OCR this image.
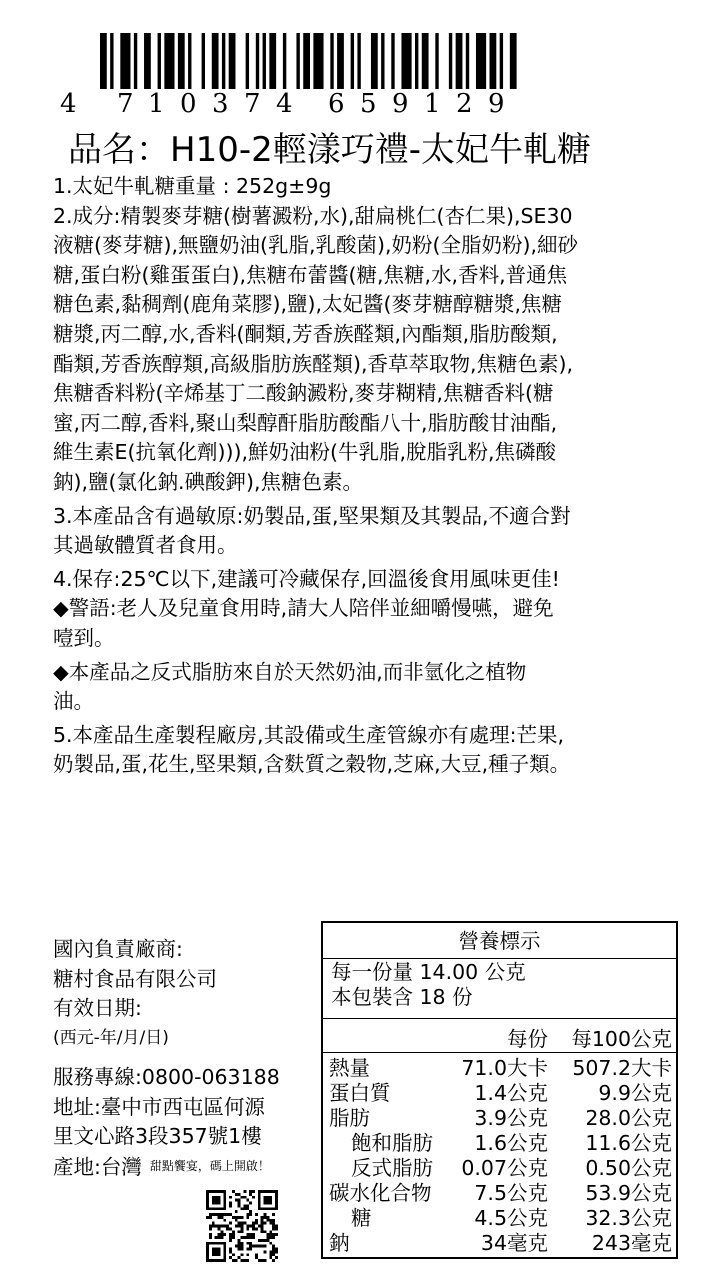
4 7 1 0 3 7 4 6 5 9 1 2 9
品名：H10-2輕漾巧禮-太妃牛軋糖

1.太妃牛軋糖重量 : 252g±9g

2.成分:精製麥芽糖(樹薯澱粉,水),甜扁桃仁(杏仁果),SE30

液糖(麥芽糖),無鹽奶油(乳脂,乳酸菌),奶粉(全脂奶粉),細砂

糖,蛋白粉(雞蛋蛋白),焦糖布蕾醬(糖,焦糖,水,香料,普通焦

糖色素,黏稠劑(鹿角菜膠),鹽),太妃醬(麥芽糖醇糖漿,焦糖

糖漿,丙二醇,水,香料(酮類,芳香族醛類,內酯類,脂肪酸類,

酯類,芳香族醇類,高級脂肪族醛類),香草萃取物,焦糖色素),

焦糖香料粉(辛烯基丁二酸鈉澱粉,麥芽糊精,焦糖香料(糖

蜜,丙二醇,香料,聚山梨醇酐脂肪酸酯八十,脂肪酸甘油酯,

維生素E(抗氧化劑))),鮮奶油粉(牛乳脂,脫脂乳粉,焦磷酸

鈉),鹽(氯化鈉.碘酸鉀),焦糖色素。

3.本產品含有過敏原:奶製品,蛋,堅果類及其製品,不適合對

其過敏體質者食用。

4.保存:25℃以下,建議可冷藏保存,回溫後食用風味更佳!

◆警語:老人及兒童食用時,請大人陪伴並細嚼慢嚥，避免

噎到。

◆本產品之反式脂肪來自於天然奶油,而非氫化之植物

油。

5.本產品生產製程廠房,其設備或生產管線亦有處理:芒果,

奶製品,蛋,花生,堅果類,含麩質之穀物,芝麻,大豆,種子類。

國內負責廠商:
糖村食品有限公司
有效日期:
(西元-年/月/日)
服務專線:0800-063188
地址:臺中市西屯區何源
里文心路3段357號1樓
產地:台灣 甜點饗宴，碼上開啟！
營養標示
每一份量 14.00 公克
本包裝含 18 份
每份 每100公克
熱量	71.0大卡 507.2大卡
蛋白質	1.4公克 9.9公克
脂肪	3.9公克 28.0公克
飽和脂肪 1.6公克 11.6公克
反式脂肪 0.07公克 0.50公克
碳水化合物 7.5公克 53.9公克
糖	4.5公克 32.3公克
鈉	34毫克 243毫克
